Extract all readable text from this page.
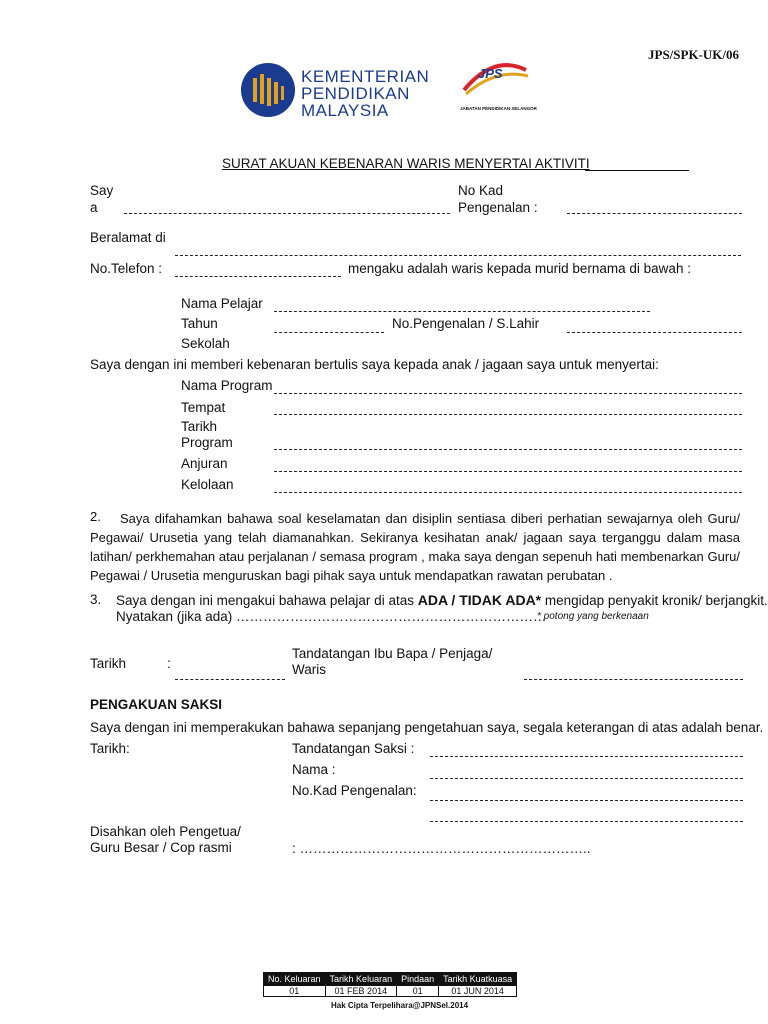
JPS/SPK-UK/06
KEMENTERIAN
PENDIDIKAN
MALAYSIA
JPS
JABATAN PENDIDIKAN SELANGOR
SURAT AKUAN KEBENARAN WARIS MENYERTAI AKTIVITI
Say
a
No Kad
Pengenalan :
Beralamat di
No.Telefon :	mengaku adalah waris kepada murid bernama di bawah :
Nama Pelajar
Tahun	No.Pengenalan / S.Lahir
Sekolah
Saya dengan ini memberi kebenaran bertulis saya kepada anak / jagaan saya untuk menyertai:
Nama Program
Tempat
Tarikh
Program
Anjuran
Kelolaan
2.	Saya difahamkan bahawa soal keselamatan dan disiplin sentiasa diberi perhatian sewajarnya oleh Guru/ Pegawai/ Urusetia yang telah diamanahkan. Sekiranya kesihatan anak/ jagaan saya terganggu dalam masa latihan/ perkhemahan atau perjalanan / semasa program , maka saya dengan sepenuh hati membenarkan Guru/ Pegawai / Urusetia menguruskan bagi pihak saya untuk mendapatkan rawatan perubatan .
3. Saya dengan ini mengakui bahawa pelajar di atas ADA / TIDAK ADA* mengidap penyakit kronik/ berjangkit.
Nyatakan (jika ada) ……………………………………………………………
* potong yang berkenaan
Tarikh	:
Tandatangan Ibu Bapa / Penjaga/
Waris
PENGAKUAN SAKSI
Saya dengan ini memperakukan bahawa sepanjang pengetahuan saya, segala keterangan di atas adalah benar.
Tarikh:	Tandatangan Saksi :
Nama :
No.Kad Pengenalan:
Disahkan oleh Pengetua/
Guru Besar / Cop rasmi	: ………………………………………………………..
No. Keluaran	Tarikh Keluaran	Pindaan	Tarikh Kuatkuasa
01	01 FEB 2014	01	01 JUN 2014
Hak Cipta Terpelihara@JPNSel.2014
